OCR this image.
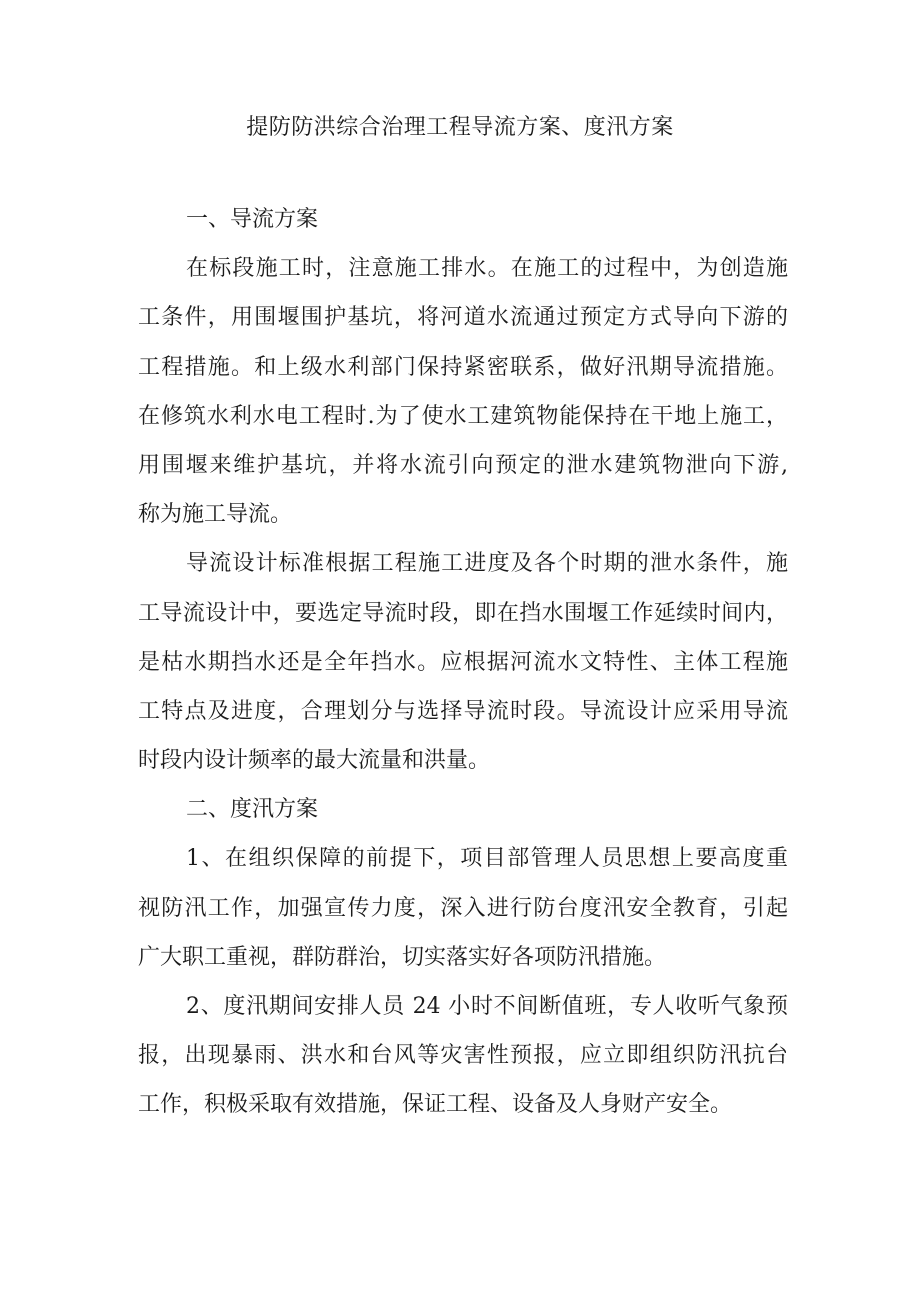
提防防洪综合治理工程导流方案、度汛方案
一、导流方案
在标段施工时，注意施工排水。在施工的过程中，为创造施
工条件，用围堰围护基坑，将河道水流通过预定方式导向下游的
工程措施。和上级水利部门保持紧密联系，做好汛期导流措施。
在修筑水利水电工程时.为了使水工建筑物能保持在干地上施工，
用围堰来维护基坑，并将水流引向预定的泄水建筑物泄向下游,
称为施工导流。
导流设计标准根据工程施工进度及各个时期的泄水条件，施
工导流设计中，要选定导流时段，即在挡水围堰工作延续时间内，
是枯水期挡水还是全年挡水。应根据河流水文特性、主体工程施
工特点及进度，合理划分与选择导流时段。导流设计应采用导流
时段内设计频率的最大流量和洪量。
二、度汛方案
1、在组织保障的前提下，项目部管理人员思想上要高度重
视防汛工作，加强宣传力度，深入进行防台度汛安全教育，引起
广大职工重视，群防群治，切实落实好各项防汛措施。
2、度汛期间安排人员 24 小时不间断值班，专人收听气象预
报，出现暴雨、洪水和台风等灾害性预报，应立即组织防汛抗台
工作，积极采取有效措施，保证工程、设备及人身财产安全。
